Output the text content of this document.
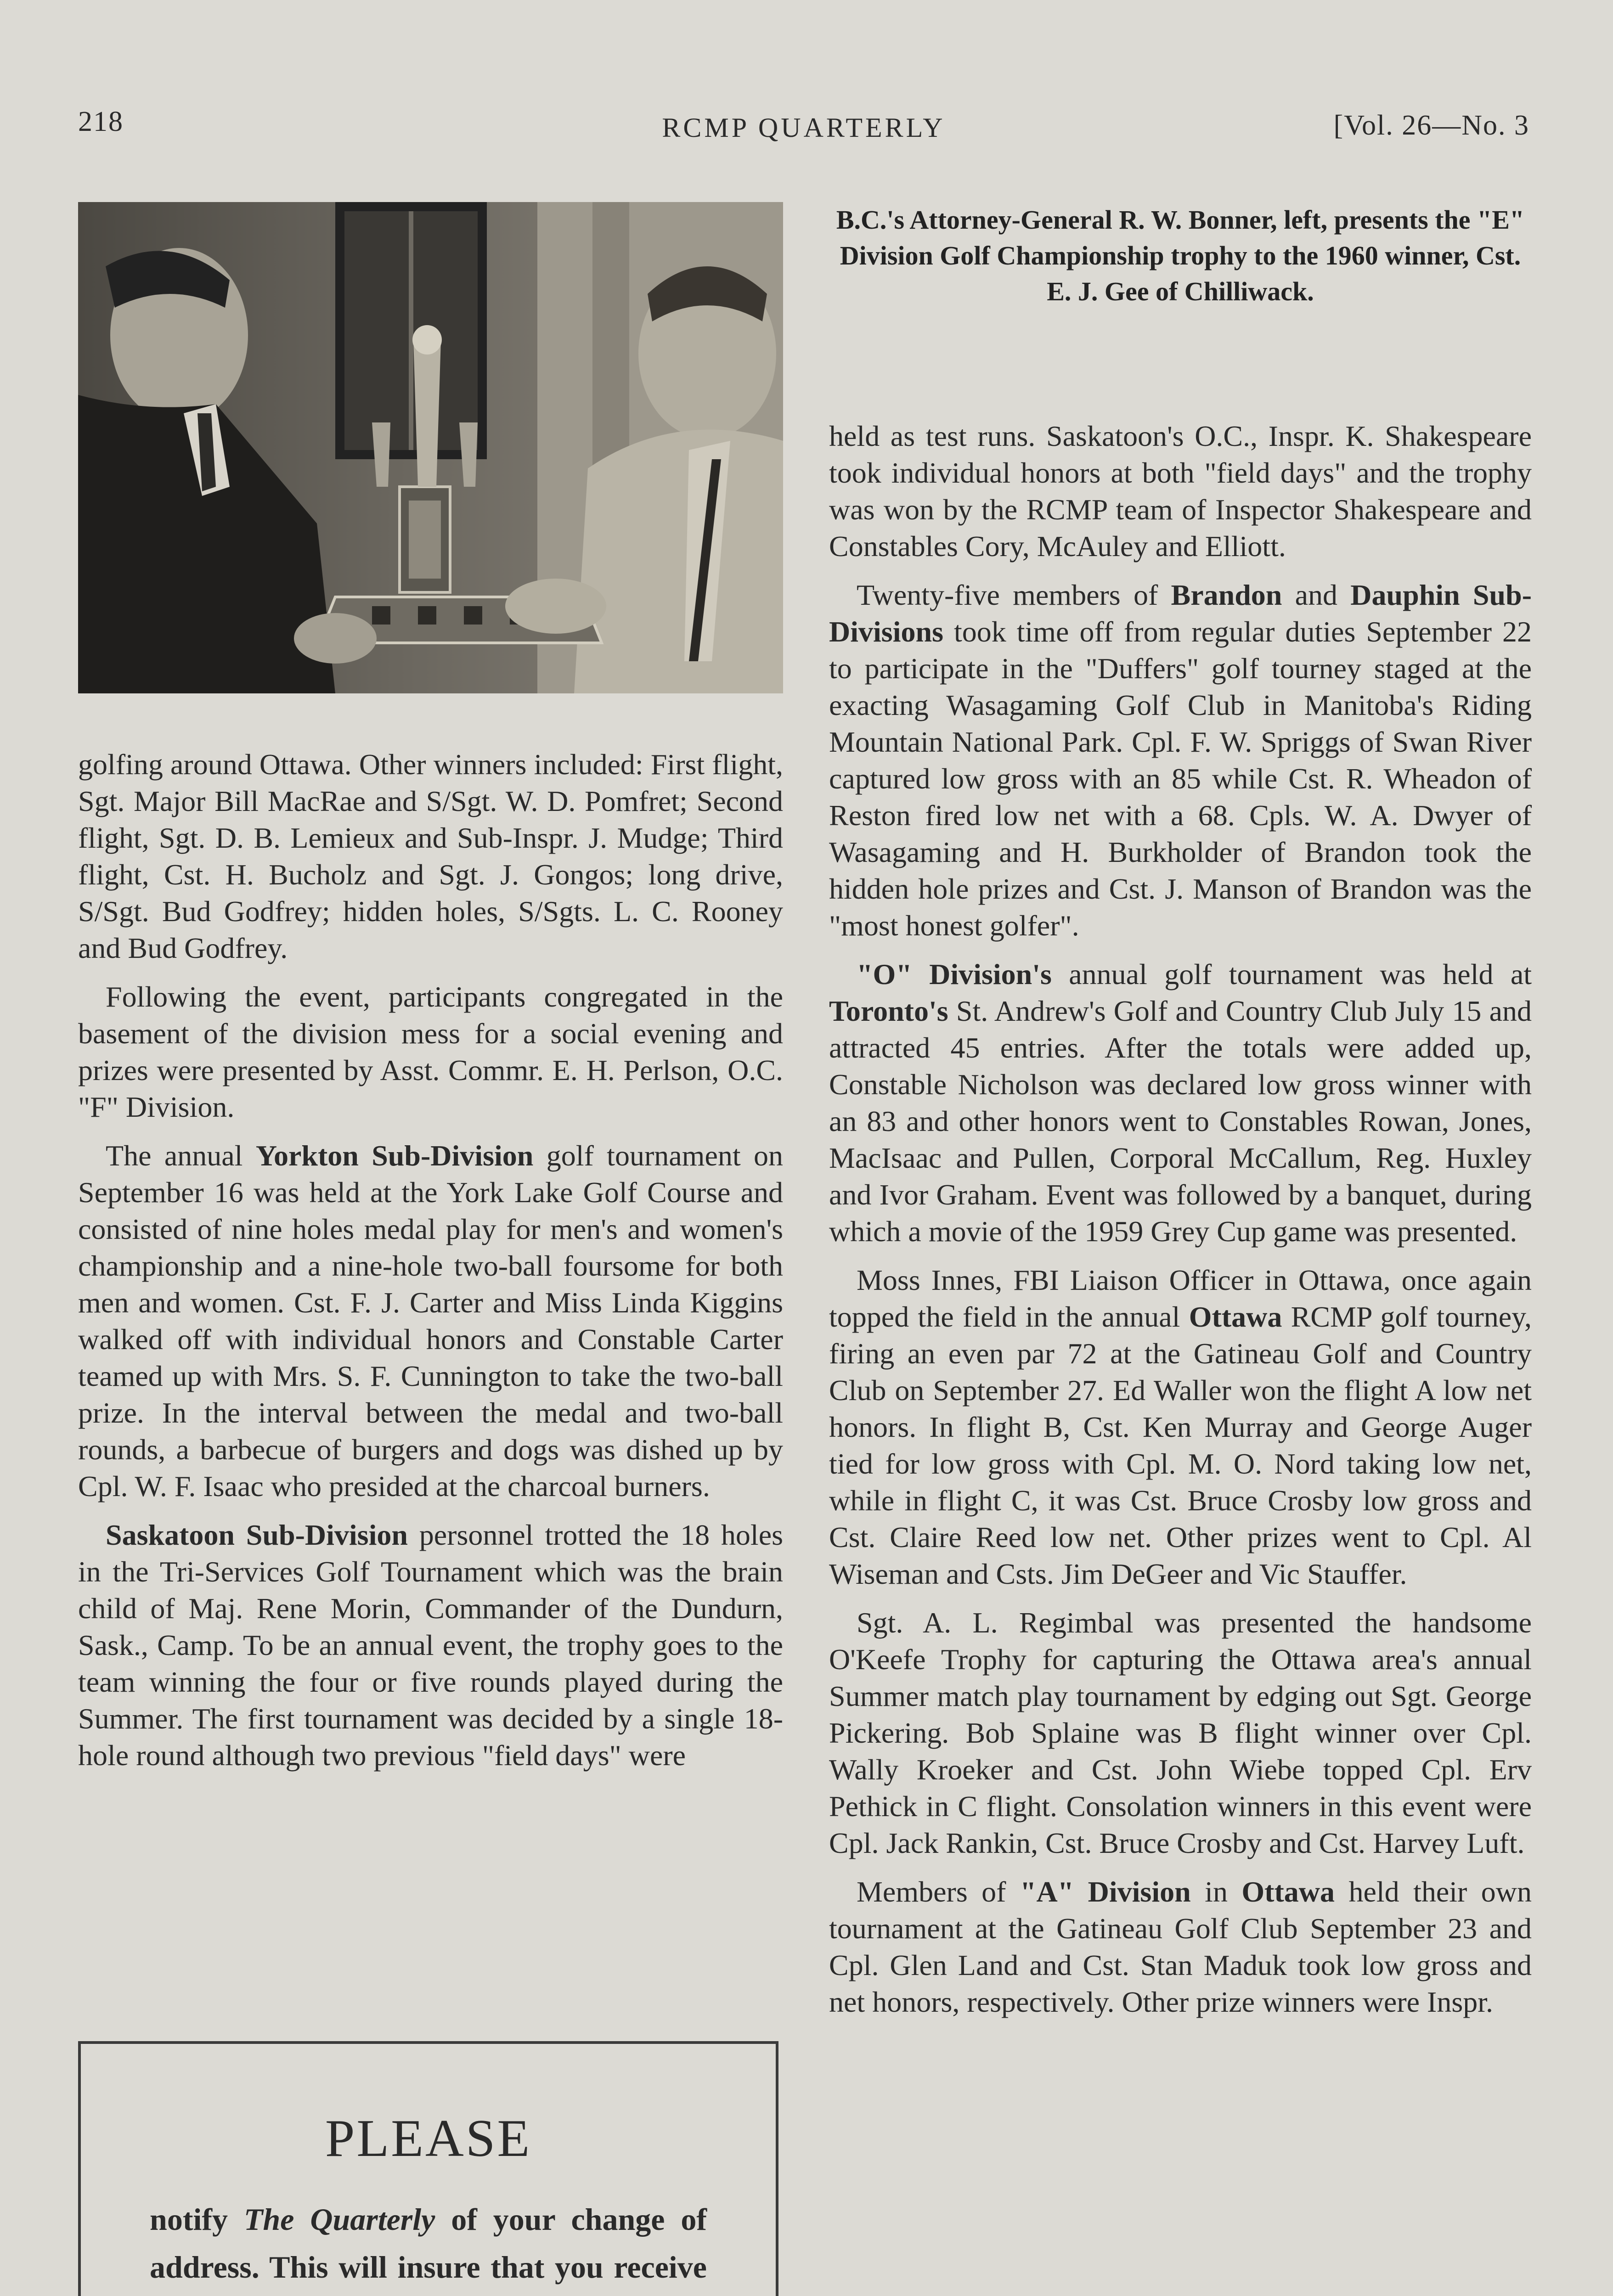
218	RCMP QUARTERLY	[Vol. 26—No. 3
B.C.'s Attorney-General R. W. Bonner, left, presents the "E" Division Golf Championship trophy to the 1960 winner, Cst. E. J. Gee of Chilliwack.

golfing around Ottawa. Other winners included: First flight, Sgt. Major Bill MacRae and S/Sgt. W. D. Pomfret; Second flight, Sgt. D. B. Lemieux and Sub-Inspr. J. Mudge; Third flight, Cst. H. Bucholz and Sgt. J. Gongos; long drive, S/Sgt. Bud Godfrey; hidden holes, S/Sgts. L. C. Rooney and Bud Godfrey.

Following the event, participants congregated in the basement of the division mess for a social evening and prizes were presented by Asst. Commr. E. H. Perlson, O.C. "F" Division.

The annual Yorkton Sub-Division golf tournament on September 16 was held at the York Lake Golf Course and consisted of nine holes medal play for men's and women's championship and a nine-hole two-ball foursome for both men and women. Cst. F. J. Carter and Miss Linda Kiggins walked off with individual honors and Constable Carter teamed up with Mrs. S. F. Cunnington to take the two-ball prize. In the interval between the medal and two-ball rounds, a barbecue of burgers and dogs was dished up by Cpl. W. F. Isaac who presided at the charcoal burners.

Saskatoon Sub-Division personnel trotted the 18 holes in the Tri-Services Golf Tournament which was the brain child of Maj. Rene Morin, Commander of the Dundurn, Sask., Camp. To be an annual event, the trophy goes to the team winning the four or five rounds played during the Summer. The first tournament was decided by a single 18-hole round although two previous "field days" were

held as test runs. Saskatoon's O.C., Inspr. K. Shakespeare took individual honors at both "field days" and the trophy was won by the RCMP team of Inspector Shakespeare and Constables Cory, McAuley and Elliott.

Twenty-five members of Brandon and Dauphin Sub-Divisions took time off from regular duties September 22 to participate in the "Duffers" golf tourney staged at the exacting Wasagaming Golf Club in Manitoba's Riding Mountain National Park. Cpl. F. W. Spriggs of Swan River captured low gross with an 85 while Cst. R. Wheadon of Reston fired low net with a 68. Cpls. W. A. Dwyer of Wasagaming and H. Burkholder of Brandon took the hidden hole prizes and Cst. J. Manson of Brandon was the "most honest golfer".

"O" Division's annual golf tournament was held at Toronto's St. Andrew's Golf and Country Club July 15 and attracted 45 entries. After the totals were added up, Constable Nicholson was declared low gross winner with an 83 and other honors went to Constables Rowan, Jones, MacIsaac and Pullen, Corporal McCallum, Reg. Huxley and Ivor Graham. Event was followed by a banquet, during which a movie of the 1959 Grey Cup game was presented.

Moss Innes, FBI Liaison Officer in Ottawa, once again topped the field in the annual Ottawa RCMP golf tourney, firing an even par 72 at the Gatineau Golf and Country Club on September 27. Ed Waller won the flight A low net honors. In flight B, Cst. Ken Murray and George Auger tied for low gross with Cpl. M. O. Nord taking low net, while in flight C, it was Cst. Bruce Crosby low gross and Cst. Claire Reed low net. Other prizes went to Cpl. Al Wiseman and Csts. Jim DeGeer and Vic Stauffer.

Sgt. A. L. Regimbal was presented the handsome O'Keefe Trophy for capturing the Ottawa area's annual Summer match play tournament by edging out Sgt. George Pickering. Bob Splaine was B flight winner over Cpl. Wally Kroeker and Cst. John Wiebe topped Cpl. Erv Pethick in C flight. Consolation winners in this event were Cpl. Jack Rankin, Cst. Bruce Crosby and Cst. Harvey Luft.

Members of "A" Division in Ottawa held their own tournament at the Gatineau Golf Club September 23 and Cpl. Glen Land and Cst. Stan Maduk took low gross and net honors, respectively. Other prize winners were Inspr.

PLEASE
notify The Quarterly of your change of address. This will insure that you receive
